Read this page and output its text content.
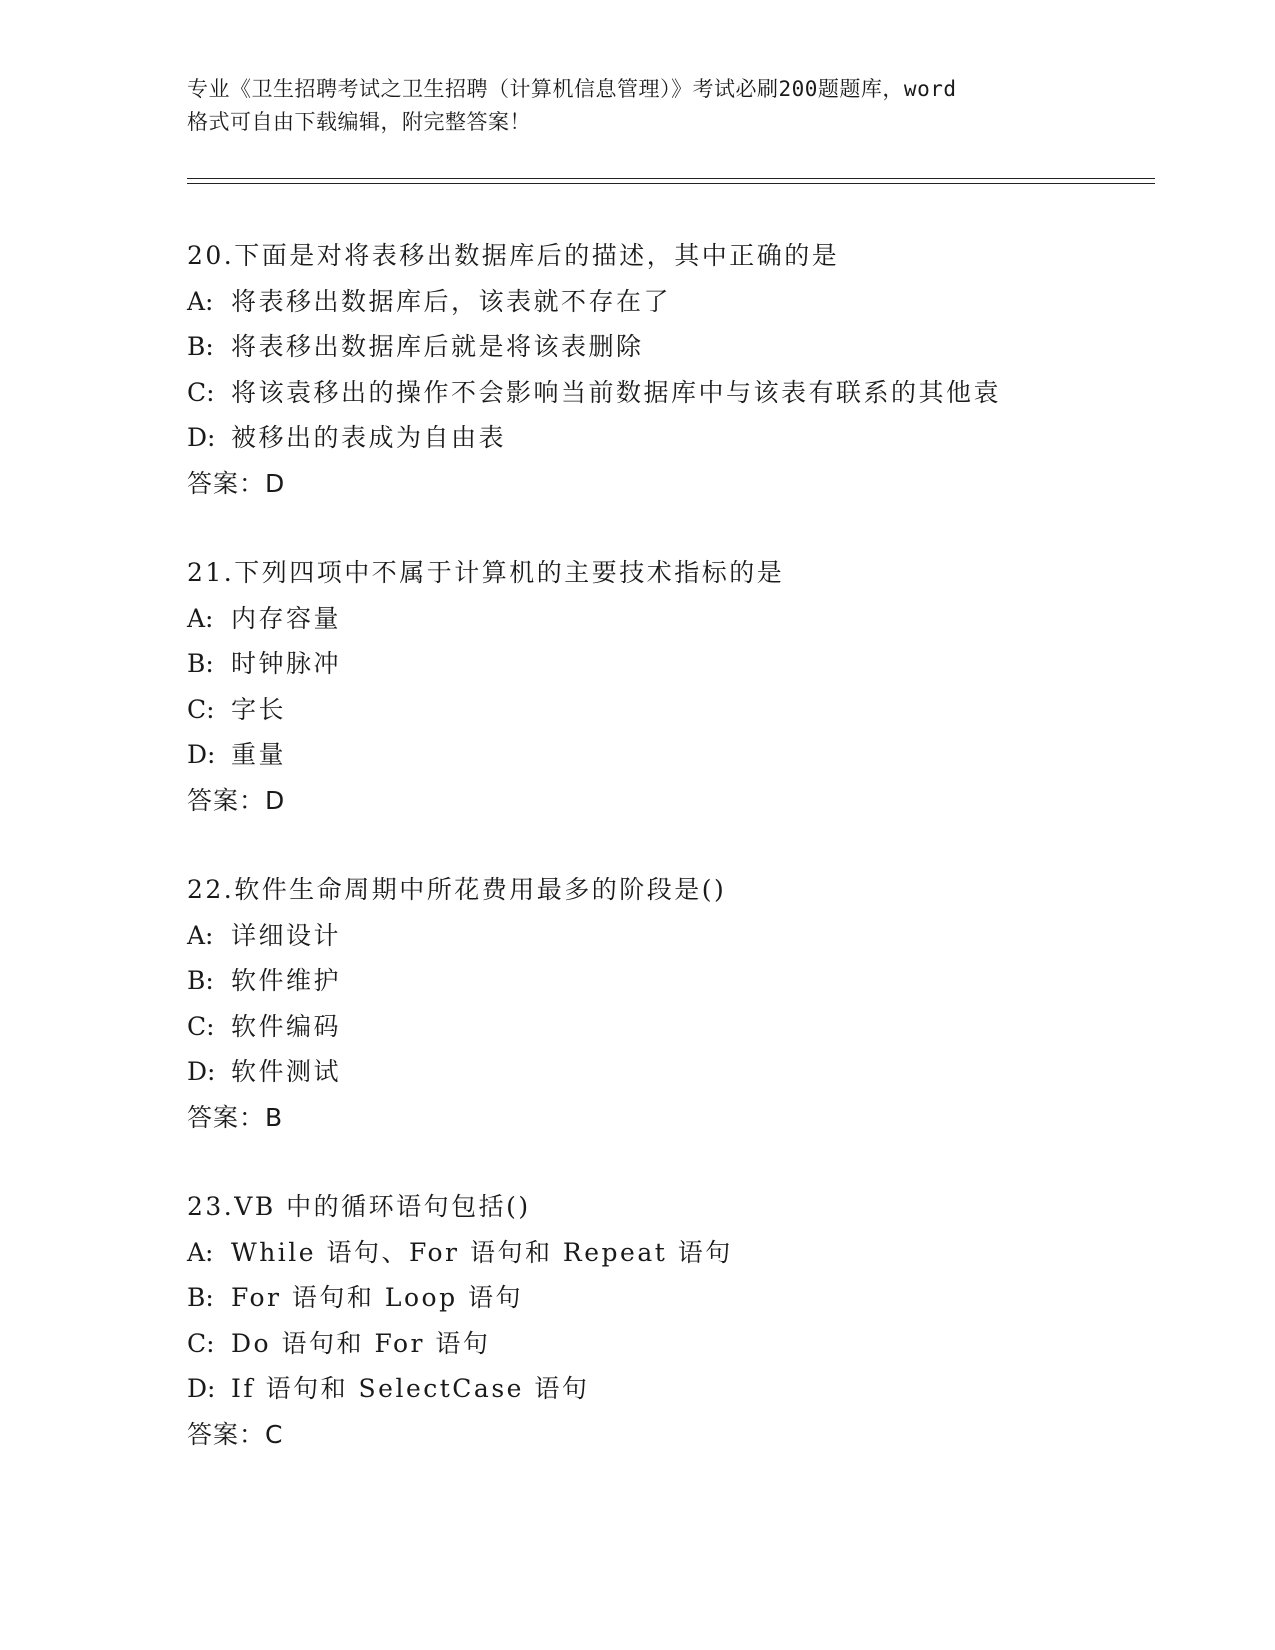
专业《卫生招聘考试之卫生招聘（计算机信息管理）》考试必刷200题题库，word
格式可自由下载编辑，附完整答案！
20.下面是对将表移出数据库后的描述，其中正确的是
A: 将表移出数据库后，该表就不存在了
B: 将表移出数据库后就是将该表删除
C: 将该袁移出的操作不会影响当前数据库中与该表有联系的其他袁
D: 被移出的表成为自由表
答案：D
21.下列四项中不属于计算机的主要技术指标的是
A: 内存容量
B: 时钟脉冲
C: 字长
D: 重量
答案：D
22.软件生命周期中所花费用最多的阶段是()
A: 详细设计
B: 软件维护
C: 软件编码
D: 软件测试
答案：B
23.VB 中的循环语句包括()
A: While 语句、For 语句和 Repeat 语句
B: For 语句和 Loop 语句
C: Do 语句和 For 语句
D: If 语句和 SelectCase 语句
答案：C
